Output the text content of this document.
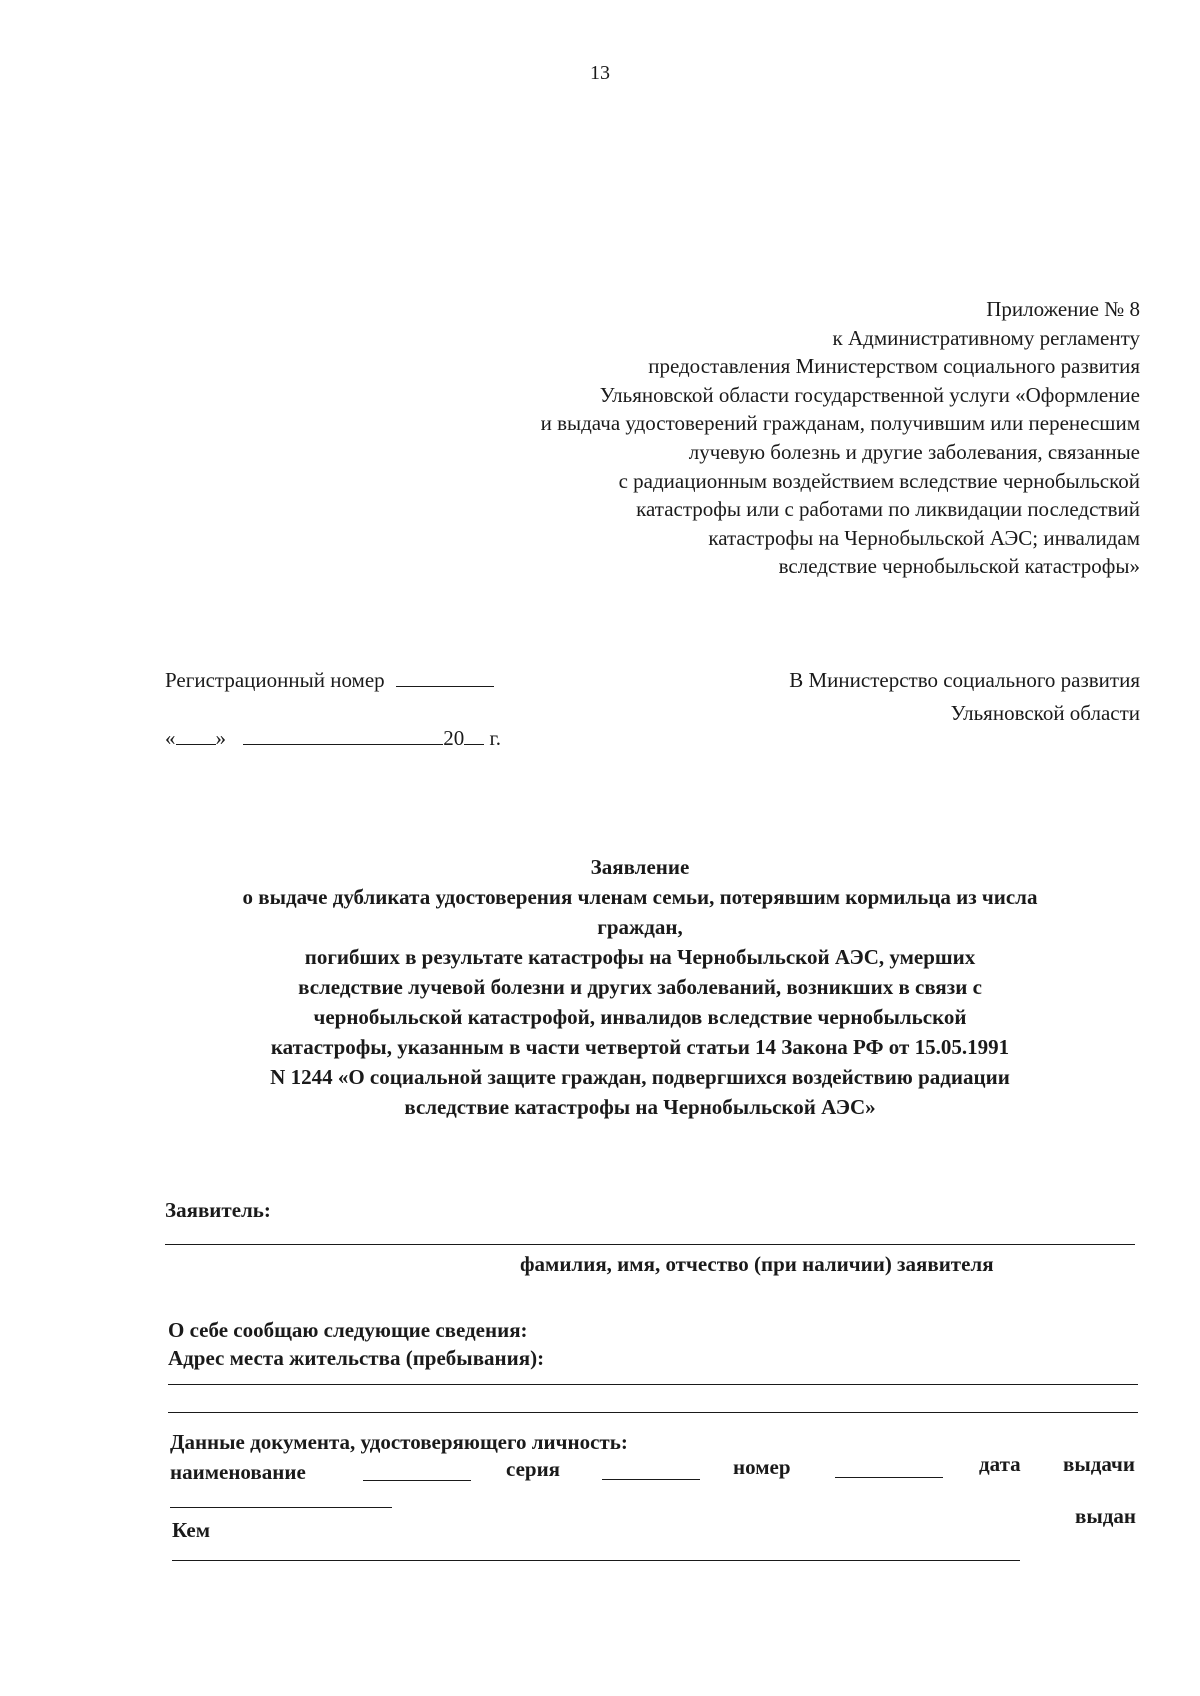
13
Приложение № 8
к Административному регламенту
предоставления Министерством социального развития
Ульяновской области государственной услуги «Оформление
и выдача удостоверений гражданам, получившим или перенесшим
лучевую болезнь и другие заболевания, связанные
с радиационным воздействием вследствие чернобыльской
катастрофы или с работами по ликвидации последствий
катастрофы на Чернобыльской АЭС; инвалидам
вследствие чернобыльской катастрофы»
Регистрационный номер
« »	20 г.
В Министерство социального развития
Ульяновской области
Заявление
о выдаче дубликата удостоверения членам семьи, потерявшим кормильца из числа граждан,
погибших в результате катастрофы на Чернобыльской АЭС, умерших вследствие лучевой болезни и других заболеваний, возникших в связи с чернобыльской катастрофой, инвалидов вследствие чернобыльской катастрофы, указанным в части четвертой статьи 14 Закона РФ от 15.05.1991 N 1244 «О социальной защите граждан, подвергшихся воздействию радиации вследствие катастрофы на Чернобыльской АЭС»
Заявитель:
фамилия, имя, отчество (при наличии) заявителя
О себе сообщаю следующие сведения:
Адрес места жительства (пребывания):
Данные документа, удостоверяющего личность:
наименование	серия	номер	дата выдачи
выдан
Кем
